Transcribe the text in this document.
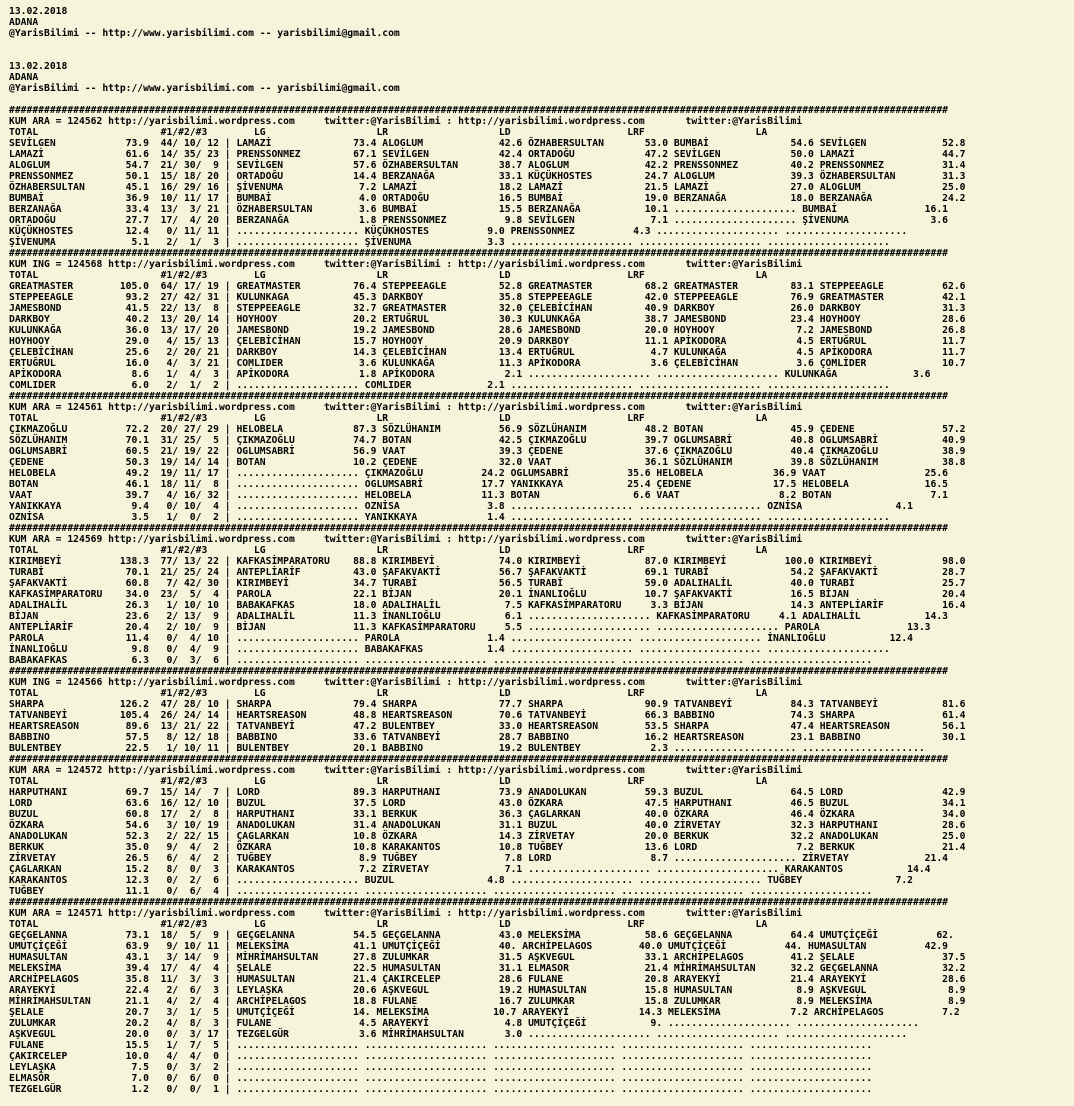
13.02.2018
ADANA
@YarisBilimi -- http://www.yarisbilimi.com -- yarisbilimi@gmail.com
13.02.2018
ADANA
@YarisBilimi -- http://www.yarisbilimi.com -- yarisbilimi@gmail.com
#################################################################################################################################################################
KUM ARA = 124562 http://yarisbilimi.wordpress.com     twitter:@YarisBilimi : http://yarisbilimi.wordpress.com       twitter:@YarisBilimi
TOTAL                     #1/#2/#3        LG                   LR                   LD                    LRF                   LA
SEVİLGEN            73.9  44/ 10/ 12 | LAMAZİ              73.4 ALOGLUM             42.6 ÖZHABERSULTAN       53.0 BUMBAİ              54.6 SEVİLGEN             52.8
LAMAZİ              61.6  14/ 35/ 23 | PRENSSONMEZ         67.1 SEVİLGEN            42.4 ORTADOĞU            47.2 SEVİLGEN            50.0 LAMAZİ               44.7
ALOGLUM             54.7  21/ 30/  9 | SEVİLGEN            57.6 ÖZHABERSULTAN       38.7 ALOGLUM             42.2 PRENSSONMEZ         40.2 PRENSSONMEZ          31.4
PRENSSONMEZ         50.1  15/ 18/ 20 | ORTADOĞU            14.4 BERZANAĞA           33.1 KÜÇÜKHOSTES         24.7 ALOGLUM             39.3 ÖZHABERSULTAN        31.3
ÖZHABERSULTAN       45.1  16/ 29/ 16 | ŞİVENUMA             7.2 LAMAZİ              18.2 LAMAZİ              21.5 LAMAZİ              27.0 ALOGLUM              25.0
BUMBAİ              36.9  10/ 11/ 17 | BUMBAİ               4.0 ORTADOĞU            16.5 BUMBAİ              19.0 BERZANAĞA           18.0 BERZANAĞA            24.2
BERZANAĞA           33.4  13/  3/ 21 | ÖZHABERSULTAN        3.6 BUMBAİ              15.5 BERZANAĞA           10.1 ..................... BUMBAİ               16.1
ORTADOĞU            27.7  17/  4/ 20 | BERZANAĞA            1.8 PRENSSONMEZ          9.8 SEVİLGEN             7.1 ..................... ŞİVENUMA              3.6
KÜÇÜKHOSTES         12.4   0/ 11/ 11 | ..................... KÜÇÜKHOSTES          9.0 PRENSSONMEZ          4.3 ..................... .....................
ŞİVENUMA             5.1   2/  1/  3 | ..................... ŞİVENUMA             3.3 ..................... ..................... .....................
#################################################################################################################################################################
KUM ING = 124568 http://yarisbilimi.wordpress.com     twitter:@YarisBilimi : http://yarisbilimi.wordpress.com       twitter:@YarisBilimi
TOTAL                     #1/#2/#3        LG                   LR                   LD                    LRF                   LA
GREATMASTER        105.0  64/ 17/ 19 | GREATMASTER         76.4 STEPPEEAGLE         52.8 GREATMASTER         68.2 GREATMASTER         83.1 STEPPEEAGLE          62.6
STEPPEEAGLE         93.2  27/ 42/ 31 | KULUNKAGA           45.3 DARKBOY             35.8 STEPPEEAGLE         42.0 STEPPEEAGLE         76.9 GREATMASTER          42.1
JAMESBOND           41.5  22/ 13/  8 | STEPPEEAGLE         32.7 GREATMASTER         32.0 ÇELEBİCİHAN         40.9 DARKBOY             26.0 DARKBOY              31.3
DARKBOY             40.2  13/ 20/ 14 | HOYHOOY             20.2 ERTUĞRUL            30.3 KULUNKAĞA           38.7 JAMESBOND           23.4 HOYHOOY              28.6
KULUNKAĞA           36.0  13/ 17/ 20 | JAMESBOND           19.2 JAMESBOND           28.6 JAMESBOND           20.0 HOYHOOY              7.2 JAMESBOND            26.8
HOYHOOY             29.0   4/ 15/ 13 | ÇELEBİCİHAN         15.7 HOYHOOY             20.9 DARKBOY             11.1 APİKODORA            4.5 ERTUĞRUL             11.7
ÇELEBİCİHAN         25.6   2/ 20/ 21 | DARKBOY             14.3 ÇELEBİCİHAN         13.4 ERTUĞRUL             4.7 KULUNKAĞA            4.5 APİKODORA            11.7
ERTUĞRUL            16.0   4/  3/ 21 | COMLIDER             3.6 KULUNKAĞA           11.3 APİKODORA            3.6 ÇELEBİCİHAN          3.6 ÇOMLİDER             10.7
APİKODORA            8.6   1/  4/  3 | APİKODORA            1.8 APİKODORA            2.1 ..................... ..................... KULUNKAĞA             3.6
COMLIDER             6.0   2/  1/  2 | ..................... COMLIDER             2.1 ..................... ..................... .....................
#################################################################################################################################################################
KUM ARA = 124561 http://yarisbilimi.wordpress.com     twitter:@YarisBilimi : http://yarisbilimi.wordpress.com       twitter:@YarisBilimi
TOTAL                     #1/#2/#3        LG                   LR                   LD                    LRF                   LA
ÇIKMAZOĞLU          72.2  20/ 27/ 29 | HELOBELA            87.3 SÖZLÜHANIM          56.9 SÖZLÜHANIM          48.2 BOTAN               45.9 ÇEDENE               57.2
SÖZLÜHANIM          70.1  31/ 25/  5 | ÇIKMAZOĞLU          74.7 BOTAN               42.5 ÇIKMAZOĞLU          39.7 OGLUMSABRİ          40.8 OGLUMSABRİ           40.9
OGLUMSABRİ          60.5  21/ 19/ 22 | OGLUMSABRİ          56.9 VAAT                39.3 ÇEDENE              37.6 ÇIKMAZOĞLU          40.4 ÇIKMAZOĞLU           38.9
ÇEDENE              50.3  19/ 14/ 14 | BOTAN               10.2 ÇEDENE              32.0 VAAT                36.1 SÖZLÜHANIM          39.8 SÖZLÜHANIM           38.8
HELOBELA            49.2  19/ 11/ 17 | ..................... ÇIKMAZOĞLU          24.2 OGLUMSABRİ          35.6 HELOBELA            36.9 VAAT                 25.6
BOTAN               46.1  18/ 11/  8 | ..................... OGLUMSABRİ          17.7 YANIKKAYA           25.4 ÇEDENE              17.5 HELOBELA             16.5
VAAT                39.7   4/ 16/ 32 | ..................... HELOBELA            11.3 BOTAN                6.6 VAAT                 8.2 BOTAN                 7.1
YANIKKAYA            9.4   0/ 10/  4 | ..................... OZNİSA               3.8 ..................... ..................... OZNİSA                4.1
OZNİSA               3.5   1/  0/  2 | ..................... YANIKKAYA            1.4 ..................... ..................... .....................
#################################################################################################################################################################
KUM ARA = 124569 http://yarisbilimi.wordpress.com     twitter:@YarisBilimi : http://yarisbilimi.wordpress.com       twitter:@YarisBilimi
TOTAL                     #1/#2/#3        LG                   LR                   LD                    LRF                   LA
KIRIMBEYİ          138.3  77/ 13/ 22 | KAFKASİMPARATORU    88.8 KIRIMBEYİ           74.0 KIRIMBEYİ           87.0 KIRIMBEYİ          100.0 KIRIMBEYİ            98.0
TURABİ              70.1  21/ 25/ 24 | ANTEPLİARİF         43.0 ŞAFAKVAKTİ          56.7 ŞAFAKVAKTİ          69.1 TURABİ              54.2 ŞAFAKVAKTİ           28.7
ŞAFAKVAKTİ          60.8   7/ 42/ 30 | KIRIMBEYİ           34.7 TURABİ              56.5 TURABİ              59.0 ADALIHALİL          40.0 TURABİ               25.7
KAFKASİMPARATORU    34.0  23/  5/  4 | PAROLA              22.1 BİJAN               20.1 İNANLIOĞLU          10.7 ŞAFAKVAKTİ          16.5 BİJAN                20.4
ADALIHALİL          26.3   1/ 10/ 10 | BABAKAFKAS          18.0 ADALIHALİL           7.5 KAFKASİMPARATORU     3.3 BİJAN               14.3 ANTEPLİARİF          16.4
BİJAN               23.6   2/ 13/  9 | ADALIHALİL          11.3 İNANLIOĞLU           6.1 ..................... KAFKASİMPARATORU     4.1 ADALIHALİL           14.3
ANTEPLİARİF         20.4   2/ 10/  9 | BİJAN               11.3 KAFKASİMPARATORU     5.5 ..................... ..................... PAROLA               13.3
PAROLA              11.4   0/  4/ 10 | ..................... PAROLA               1.4 ..................... ..................... İNANLIOĞLU           12.4
İNANLIOĞLU           9.8   0/  4/  9 | ..................... BABAKAFKAS           1.4 ..................... ..................... .....................
BABAKAFKAS           6.3   0/  3/  6 | ..................... ..................... ..................... ..................... .....................
#################################################################################################################################################################
KUM ING = 124566 http://yarisbilimi.wordpress.com     twitter:@YarisBilimi : http://yarisbilimi.wordpress.com       twitter:@YarisBilimi
TOTAL                     #1/#2/#3        LG                   LR                   LD                    LRF                   LA
SHARPA             126.2  47/ 28/ 10 | SHARPA              79.4 SHARPA              77.7 SHARPA              90.9 TATVANBEYİ          84.3 TATVANBEYİ           81.6
TATVANBEYİ         105.4  26/ 24/ 14 | HEARTSREASON        48.8 HEARTSREASON        70.6 TATVANBEYİ          66.3 BABBINO             74.3 SHARPA               61.4
HEARTSREASON        89.6  13/ 21/ 22 | TATVANBEYİ          47.2 BULENTBEY           33.0 HEARTSREASON        53.5 SHARPA              47.4 HEARTSREASON         56.1
BABBINO             57.5   8/ 12/ 18 | BABBINO             33.6 TATVANBEYİ          28.7 BABBINO             16.2 HEARTSREASON        23.1 BABBINO              30.1
BULENTBEY           22.5   1/ 10/ 11 | BULENTBEY           20.1 BABBINO             19.2 BULENTBEY            2.3 ..................... .....................
#################################################################################################################################################################
KUM ARA = 124572 http://yarisbilimi.wordpress.com     twitter:@YarisBilimi : http://yarisbilimi.wordpress.com       twitter:@YarisBilimi
TOTAL                     #1/#2/#3        LG                   LR                   LD                    LRF                   LA
HARPUTHANI          69.7  15/ 14/  7 | LORD                89.3 HARPUTHANI          73.9 ANADOLUKAN          59.3 BUZUL               64.5 LORD                 42.9
LORD                63.6  16/ 12/ 10 | BUZUL               37.5 LORD                43.0 ÖZKARA              47.5 HARPUTHANI          46.5 BUZUL                34.1
BUZUL               60.8  17/  2/  8 | HARPUTHANI          33.1 BERKUK              36.3 ÇAGLARKAN           40.0 ÖZKARA              46.4 ÖZKARA               34.0
ÖZKARA              54.6   3/ 10/ 19 | ANADOLUKAN          31.4 ANADOLUKAN          31.1 BUZUL               40.0 ZİRVETAY            32.3 HARPUTHANI           28.6
ANADOLUKAN          52.3   2/ 22/ 15 | ÇAGLARKAN           10.8 ÖZKARA              14.3 ZİRVETAY            20.0 BERKUK              32.2 ANADOLUKAN           25.0
BERKUK              35.0   9/  4/  2 | ÖZKARA              10.8 KARAKANTOS          10.8 TUĞBEY              13.6 LORD                 7.2 BERKUK               21.4
ZİRVETAY            26.5   6/  4/  2 | TUĞBEY               8.9 TUĞBEY               7.8 LORD                 8.7 ..................... ZİRVETAY             21.4
ÇAGLARKAN           15.2   8/  0/  3 | KARAKANTOS           7.2 ZİRVETAY             7.1 ..................... ..................... KARAKANTOS           14.4
KARAKANTOS          12.3   0/  2/  6 | ..................... BUZUL                4.8 ..................... ..................... TUĞBEY                7.2
TUĞBEY              11.1   0/  6/  4 | ..................... ..................... ..................... ..................... .....................
#################################################################################################################################################################
KUM ARA = 124571 http://yarisbilimi.wordpress.com     twitter:@YarisBilimi : http://yarisbilimi.wordpress.com       twitter:@YarisBilimi
TOTAL                     #1/#2/#3        LG                   LR                   LD                    LRF                   LA
GEÇGELANNA          73.1  18/  5/  9 | GEÇGELANNA          54.5 GEÇGELANNA          43.0 MELEKSİMA           58.6 GEÇGELANNA          64.4 UMUTÇİÇEĞİ          62.
UMUTÇİÇEĞİ          63.9   9/ 10/ 11 | MELEKSİMA           41.1 UMUTÇİÇEĞİ          40. ARCHİPELAGOS        40.0 UMUTÇİÇEĞİ          44. HUMASULTAN          42.9
HUMASULTAN          43.1   3/ 14/  9 | MİHRİMAHSULTAN      27.8 ZULUMKAR            31.5 AŞKVEGUL            33.1 ARCHİPELAGOS        41.2 ŞELALE               37.5
MELEKSİMA           39.4  17/  4/  4 | ŞELALE              22.5 HUMASULTAN          31.1 ELMASOR             21.4 MİHRİMAHSULTAN      32.2 GEÇGELANNA           32.2
ARCHİPELAGOS        35.8  11/  3/  3 | HUMASULTAN          21.4 ÇAKIRCELEP          28.6 FULANE              20.8 ARAYEKYİ            21.4 ARAYEKYİ             28.6
ARAYEKYİ            22.4   2/  6/  3 | LEYLAŞKA            20.6 AŞKVEGUL            19.2 HUMASULTAN          15.8 HUMASULTAN           8.9 AŞKVEGUL              8.9
MİHRİMAHSULTAN      21.1   4/  2/  4 | ARCHİPELAGOS        18.8 FULANE              16.7 ZULUMKAR            15.8 ZULUMKAR             8.9 MELEKSİMA             8.9
ŞELALE              20.7   3/  1/  5 | UMUTÇİÇEĞİ          14. MELEKSİMA           10.7 ARAYEKYİ            14.3 MELEKSİMA            7.2 ARCHİPELAGOS          7.2
ZULUMKAR            20.2   4/  8/  3 | FULANE               4.5 ARAYEKYİ             4.8 UMUTÇİÇEĞİ           9. ..................... .....................
AŞKVEGUL            20.0   0/  3/ 17 | TEZGELGÜR            3.6 MİHRİMAHSULTAN       3.0 ..................... ..................... .....................
FULANE              15.5   1/  7/  5 | ..................... ..................... ..................... ..................... .....................
ÇAKIRCELEP          10.0   4/  4/  0 | ..................... ..................... ..................... ..................... .....................
LEYLAŞKA             7.5   0/  3/  2 | ..................... ..................... ..................... ..................... .....................
ELMASÖR              7.0   0/  6/  0 | ..................... ..................... ..................... ..................... .....................
TEZGELGÜR            1.2   0/  0/  1 | ..................... ..................... ..................... ..................... .....................
